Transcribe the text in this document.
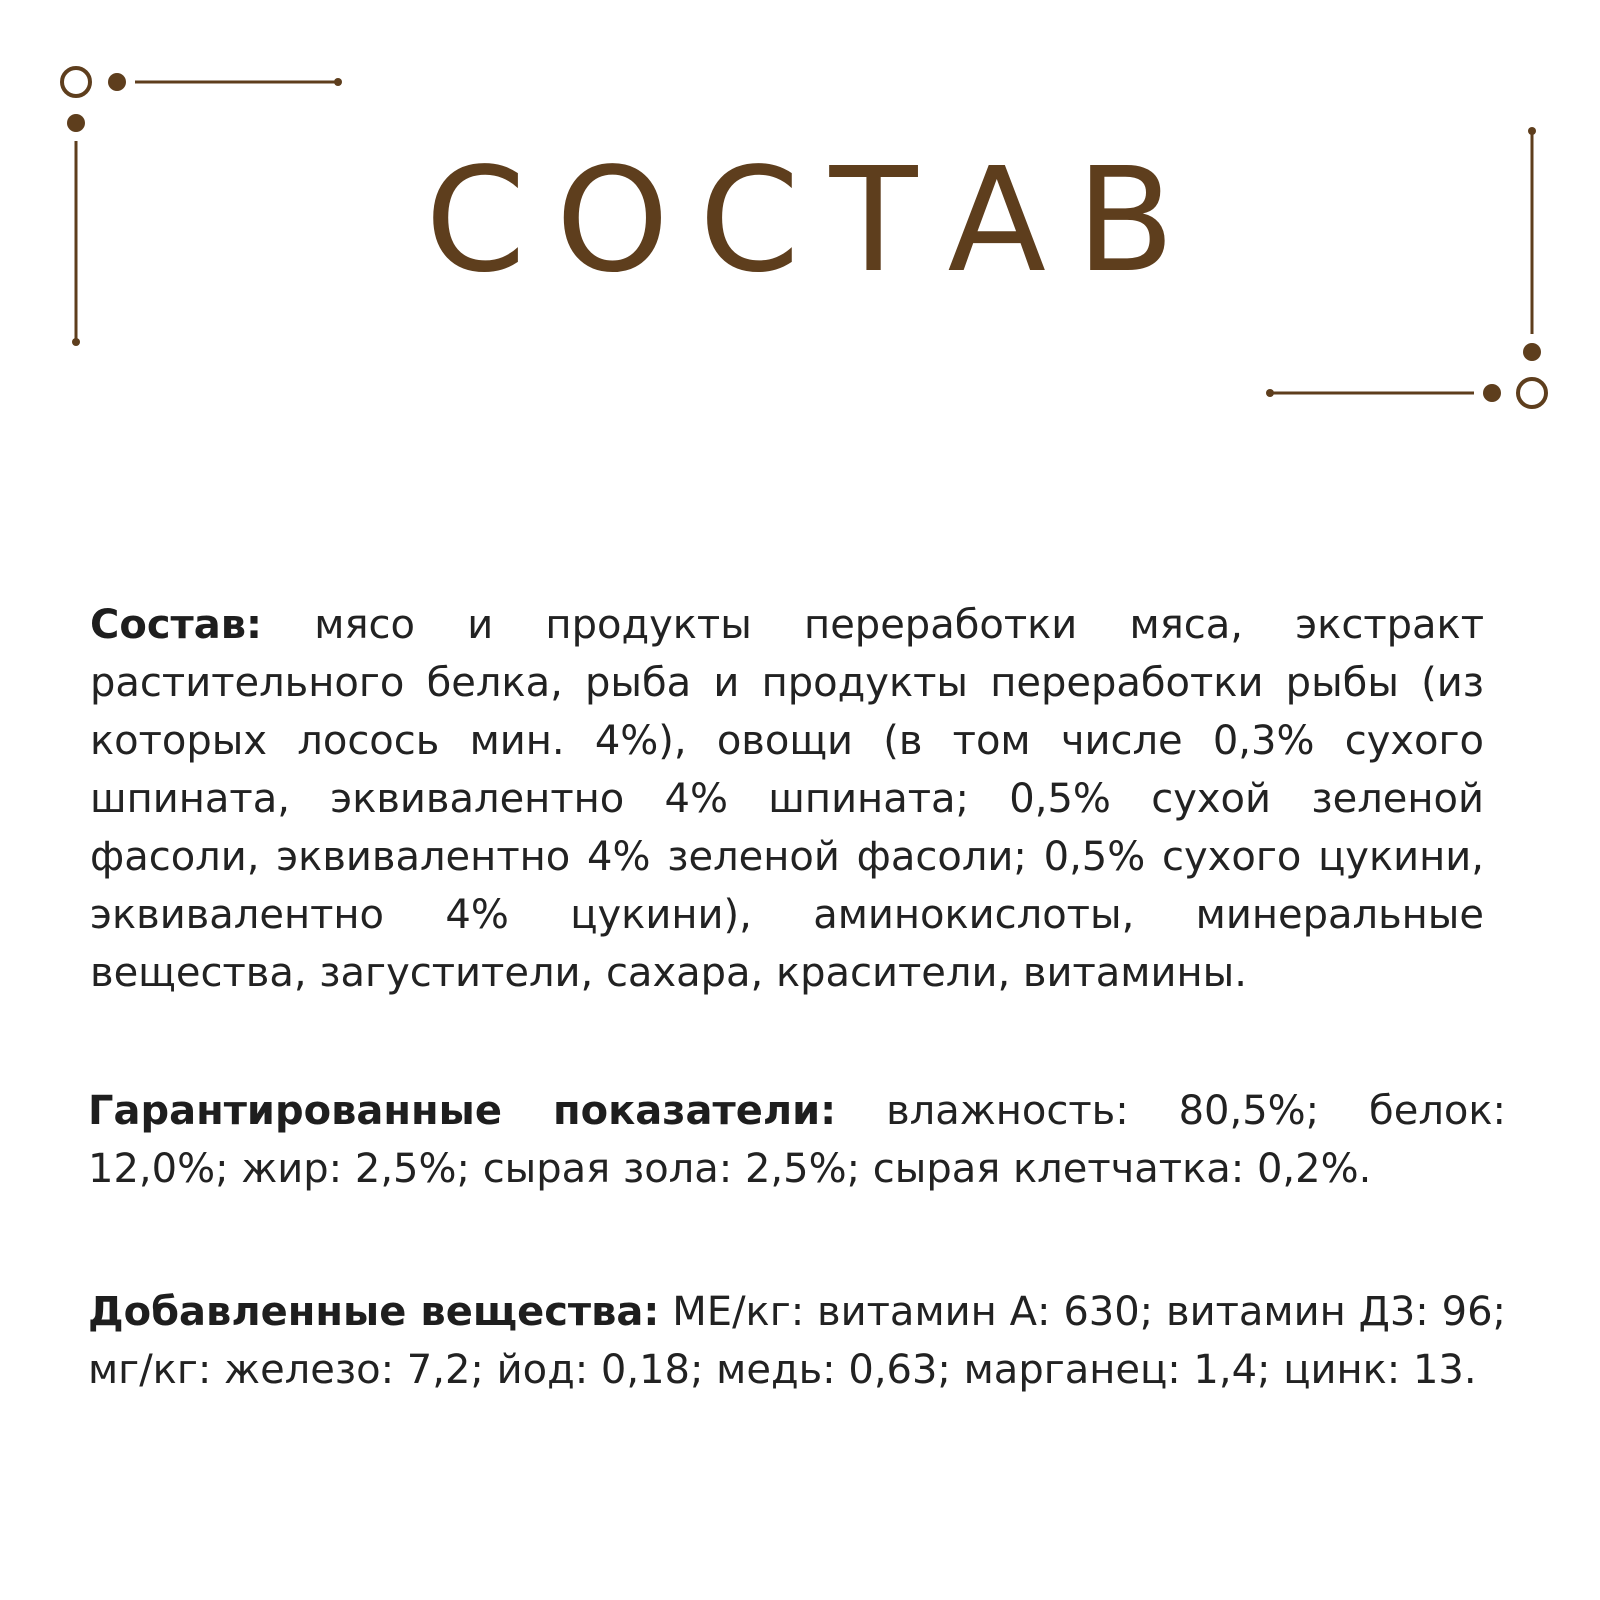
СОСТАВ
Состав: мясо и продукты переработки мяса, экстракт растительного белка, рыба и продукты переработки рыбы (из которых лосось мин. 4%), овощи (в том числе 0,3% сухого шпината, эквивалентно 4% шпината; 0,5% сухой зеленой фасоли, эквивалентно 4% зеленой фасоли; 0,5% сухого цукини, эквивалентно 4% цукини), аминокислоты, минеральные вещества, загустители, сахара, красители, витамины.
Гарантированные показатели: влажность: 80,5%; белок: 12,0%; жир: 2,5%; сырая зола: 2,5%; сырая клетчатка: 0,2%.
Добавленные вещества: МЕ/кг: витамин А: 630; витамин Д3: 96; мг/кг: железо: 7,2; йод: 0,18; медь: 0,63; марганец: 1,4; цинк: 13.
